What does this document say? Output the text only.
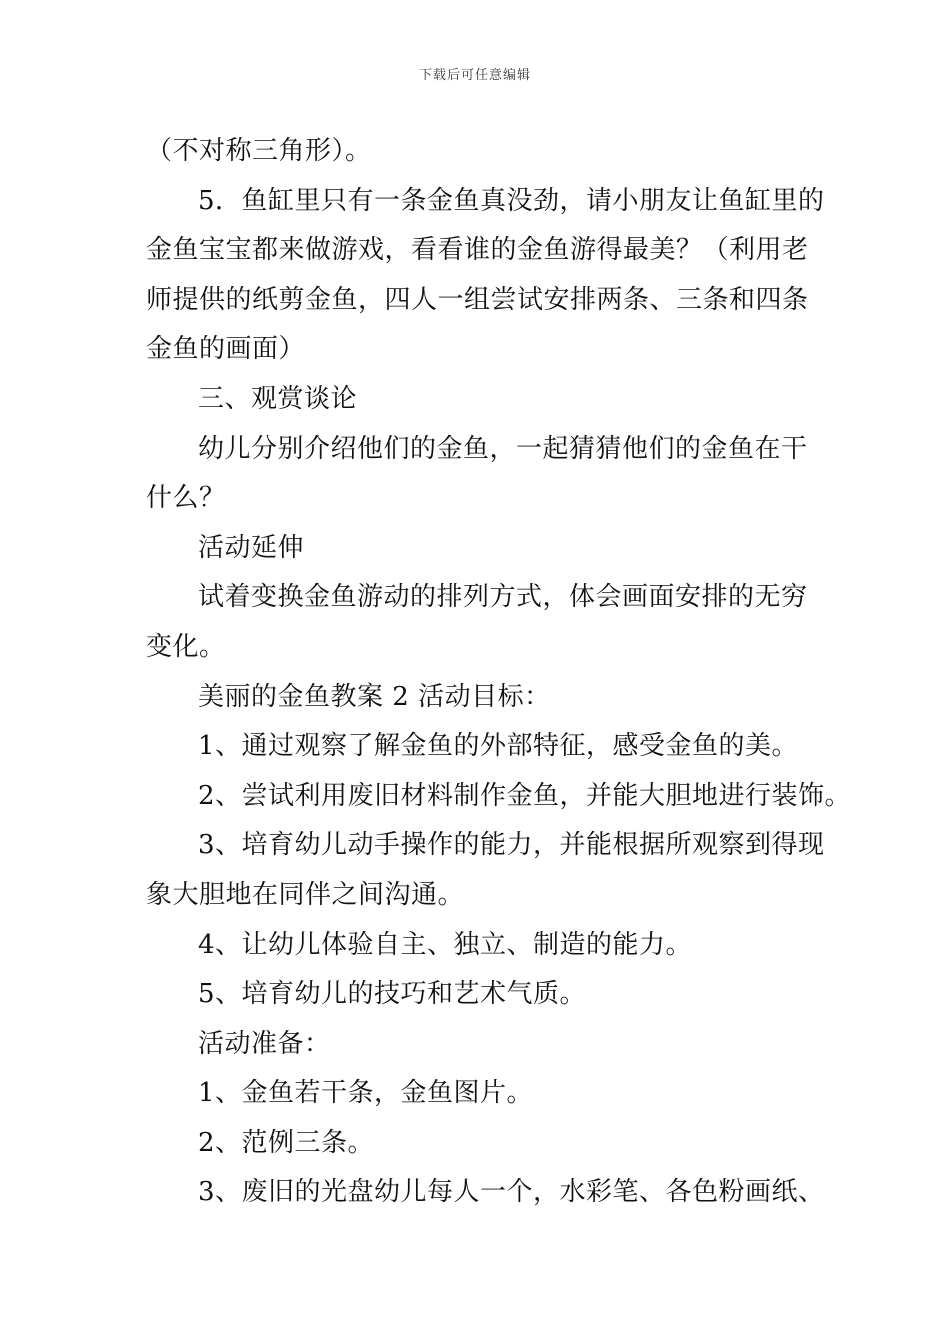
下载后可任意编辑
（不对称三角形）。
5．鱼缸里只有一条金鱼真没劲，请小朋友让鱼缸里的
金鱼宝宝都来做游戏，看看谁的金鱼游得最美？（利用老
师提供的纸剪金鱼，四人一组尝试安排两条、三条和四条
金鱼的画面）
三、观赏谈论
幼儿分别介绍他们的金鱼，一起猜猜他们的金鱼在干
什么？
活动延伸
试着变换金鱼游动的排列方式，体会画面安排的无穷
变化。
美丽的金鱼教案 2 活动目标：
1、通过观察了解金鱼的外部特征，感受金鱼的美。
2、尝试利用废旧材料制作金鱼，并能大胆地进行装饰。
3、培育幼儿动手操作的能力，并能根据所观察到得现
象大胆地在同伴之间沟通。
4、让幼儿体验自主、独立、制造的能力。
5、培育幼儿的技巧和艺术气质。
活动准备：
1、金鱼若干条，金鱼图片。
2、范例三条。
3、废旧的光盘幼儿每人一个，水彩笔、各色粉画纸、
